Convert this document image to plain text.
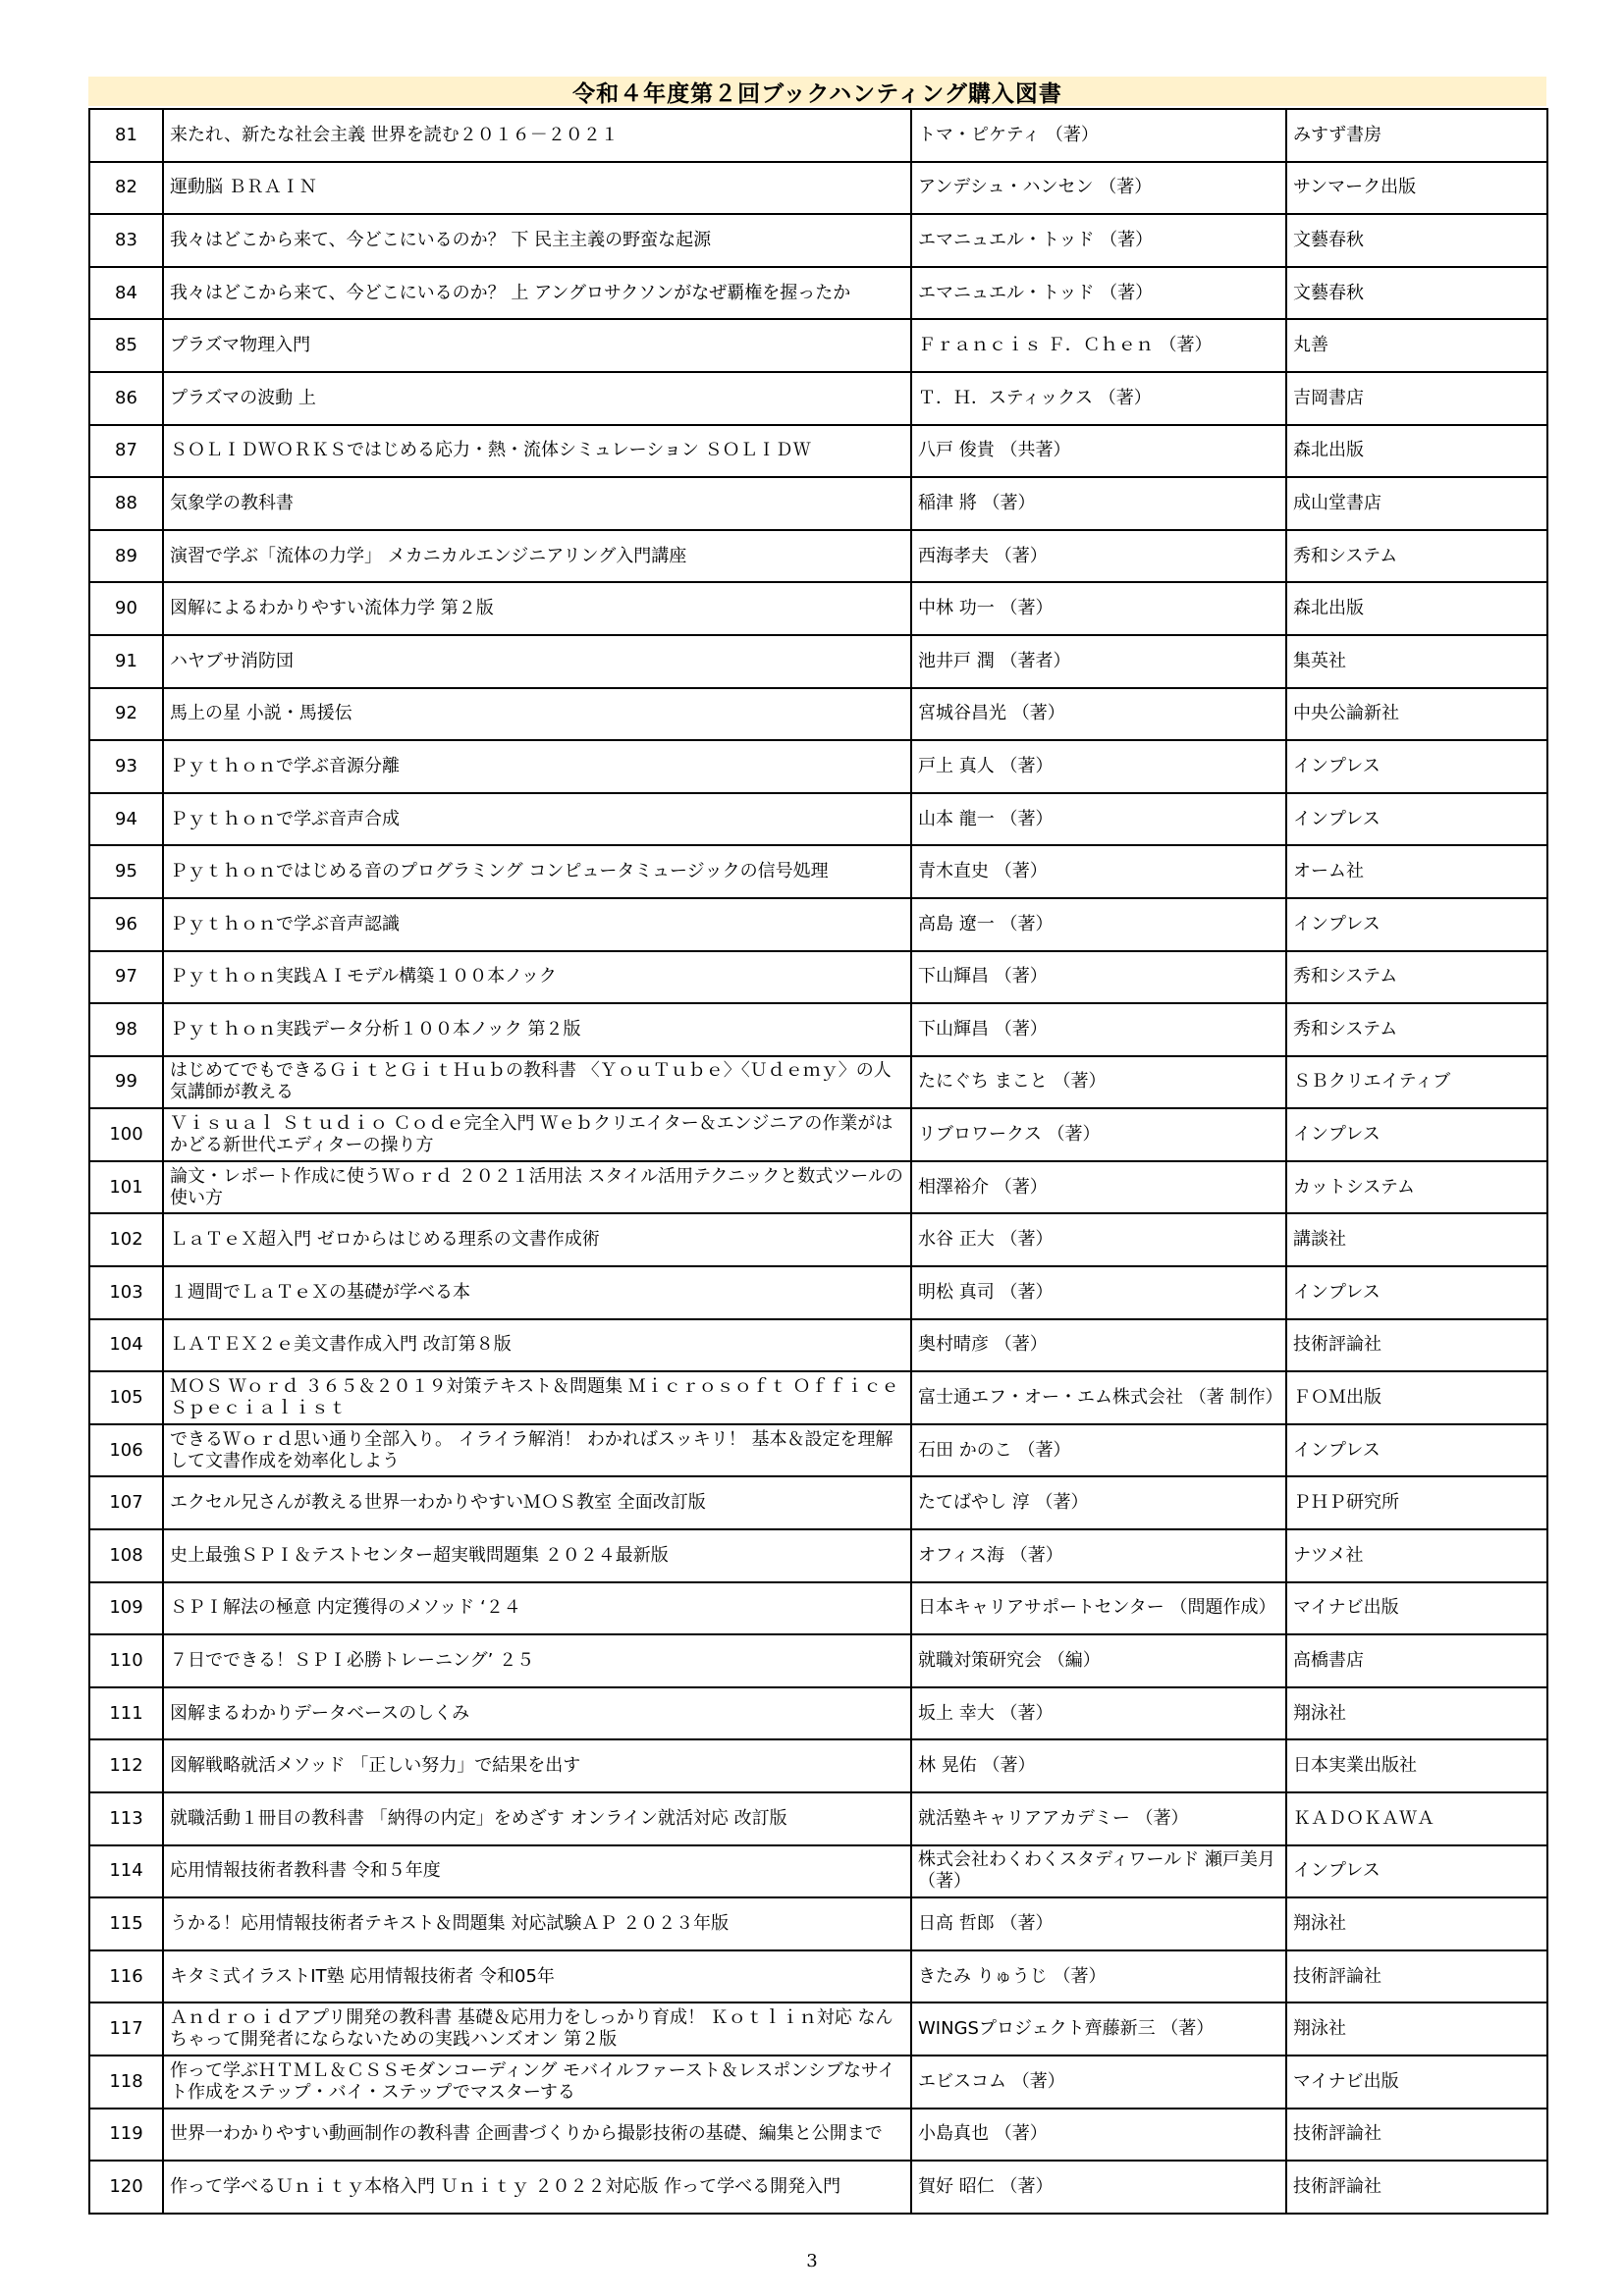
令和４年度第２回ブックハンティング購入図書
81	来たれ、新たな社会主義 世界を読む２０１６－２０２１	トマ・ピケティ （著）	みすず書房
82	運動脳 ＢＲＡＩＮ	アンデシュ・ハンセン （著）	サンマーク出版
83	我々はどこから来て、今どこにいるのか？ 下 民主主義の野蛮な起源	エマニュエル・トッド （著）	文藝春秋
84	我々はどこから来て、今どこにいるのか？ 上 アングロサクソンがなぜ覇権を握ったか	エマニュエル・トッド （著）	文藝春秋
85	プラズマ物理入門	Ｆｒａｎｃｉｓ Ｆ．Ｃｈｅｎ （著）	丸善
86	プラズマの波動 上	Ｔ．Ｈ．スティックス （著）	吉岡書店
87	ＳＯＬＩＤＷＯＲＫＳではじめる応力・熱・流体シミュレーション ＳＯＬＩＤＷ	八戸 俊貴 （共著）	森北出版
88	気象学の教科書	稲津 將 （著）	成山堂書店
89	演習で学ぶ「流体の力学」 メカニカルエンジニアリング入門講座	西海孝夫 （著）	秀和システム
90	図解によるわかりやすい流体力学 第２版	中林 功一 （著）	森北出版
91	ハヤブサ消防団	池井戸 潤 （著者）	集英社
92	馬上の星 小説・馬援伝	宮城谷昌光 （著）	中央公論新社
93	Ｐｙｔｈｏｎで学ぶ音源分離	戸上 真人 （著）	インプレス
94	Ｐｙｔｈｏｎで学ぶ音声合成	山本 龍一 （著）	インプレス
95	Ｐｙｔｈｏｎではじめる音のプログラミング コンピュータミュージックの信号処理	青木直史 （著）	オーム社
96	Ｐｙｔｈｏｎで学ぶ音声認識	高島 遼一 （著）	インプレス
97	Ｐｙｔｈｏｎ実践ＡＩモデル構築１００本ノック	下山輝昌 （著）	秀和システム
98	Ｐｙｔｈｏｎ実践データ分析１００本ノック 第２版	下山輝昌 （著）	秀和システム
99	はじめてでもできるＧｉｔとＧｉｔＨｕｂの教科書 〈ＹｏｕＴｕｂｅ〉〈Ｕｄｅｍｙ〉の人気講師が教える	たにぐち まこと （著）	ＳＢクリエイティブ
100	Ｖｉｓｕａｌ Ｓｔｕｄｉｏ Ｃｏｄｅ完全入門 Ｗｅｂクリエイター＆エンジニアの作業がはかどる新世代エディターの操り方	リブロワークス （著）	インプレス
101	論文・レポート作成に使うＷｏｒｄ ２０２１活用法 スタイル活用テクニックと数式ツールの使い方	相澤裕介 （著）	カットシステム
102	ＬａＴｅＸ超入門 ゼロからはじめる理系の文書作成術	水谷 正大 （著）	講談社
103	１週間でＬａＴｅＸの基礎が学べる本	明松 真司 （著）	インプレス
104	ＬＡＴＥＸ２ｅ美文書作成入門 改訂第８版	奥村晴彦 （著）	技術評論社
105	ＭＯＳ Ｗｏｒｄ ３６５＆２０１９対策テキスト＆問題集 Ｍｉｃｒｏｓｏｆｔ Ｏｆｆｉｃｅ Ｓｐｅｃｉａｌｉｓｔ	富士通エフ・オー・エム株式会社 （著 制作）	ＦＯＭ出版
106	できるＷｏｒｄ思い通り全部入り。 イライラ解消！ わかればスッキリ！ 基本＆設定を理解して文書作成を効率化しよう	石田 かのこ （著）	インプレス
107	エクセル兄さんが教える世界一わかりやすいＭＯＳ教室 全面改訂版	たてばやし 淳 （著）	ＰＨＰ研究所
108	史上最強ＳＰＩ＆テストセンター超実戦問題集 ２０２４最新版	オフィス海 （著）	ナツメ社
109	ＳＰＩ解法の極意 内定獲得のメソッド ‘２４	日本キャリアサポートセンター （問題作成）	マイナビ出版
110	７日でできる！ＳＰＩ必勝トレーニング’ ２５	就職対策研究会 （編）	高橋書店
111	図解まるわかりデータベースのしくみ	坂上 幸大 （著）	翔泳社
112	図解戦略就活メソッド 「正しい努力」で結果を出す	林 晃佑 （著）	日本実業出版社
113	就職活動１冊目の教科書 「納得の内定」をめざす オンライン就活対応 改訂版	就活塾キャリアアカデミー （著）	ＫＡＤＯＫＡＷＡ
114	応用情報技術者教科書 令和５年度	株式会社わくわくスタディワールド 瀬戸美月 （著）	インプレス
115	うかる！応用情報技術者テキスト＆問題集 対応試験ＡＰ ２０２３年版	日高 哲郎 （著）	翔泳社
116	キタミ式イラストIT塾 応用情報技術者 令和05年	きたみ りゅうじ （著）	技術評論社
117	Ａｎｄｒｏｉｄアプリ開発の教科書 基礎＆応用力をしっかり育成！ Ｋｏｔｌｉｎ対応 なんちゃって開発者にならないための実践ハンズオン 第２版	WINGSプロジェクト齊藤新三 （著）	翔泳社
118	作って学ぶＨＴＭＬ＆ＣＳＳモダンコーディング モバイルファースト＆レスポンシブなサイト作成をステップ・バイ・ステップでマスターする	エビスコム （著）	マイナビ出版
119	世界一わかりやすい動画制作の教科書 企画書づくりから撮影技術の基礎、編集と公開まで	小島真也 （著）	技術評論社
120	作って学べるＵｎｉｔｙ本格入門 Ｕｎｉｔｙ ２０２２対応版 作って学べる開発入門	賀好 昭仁 （著）	技術評論社
3
